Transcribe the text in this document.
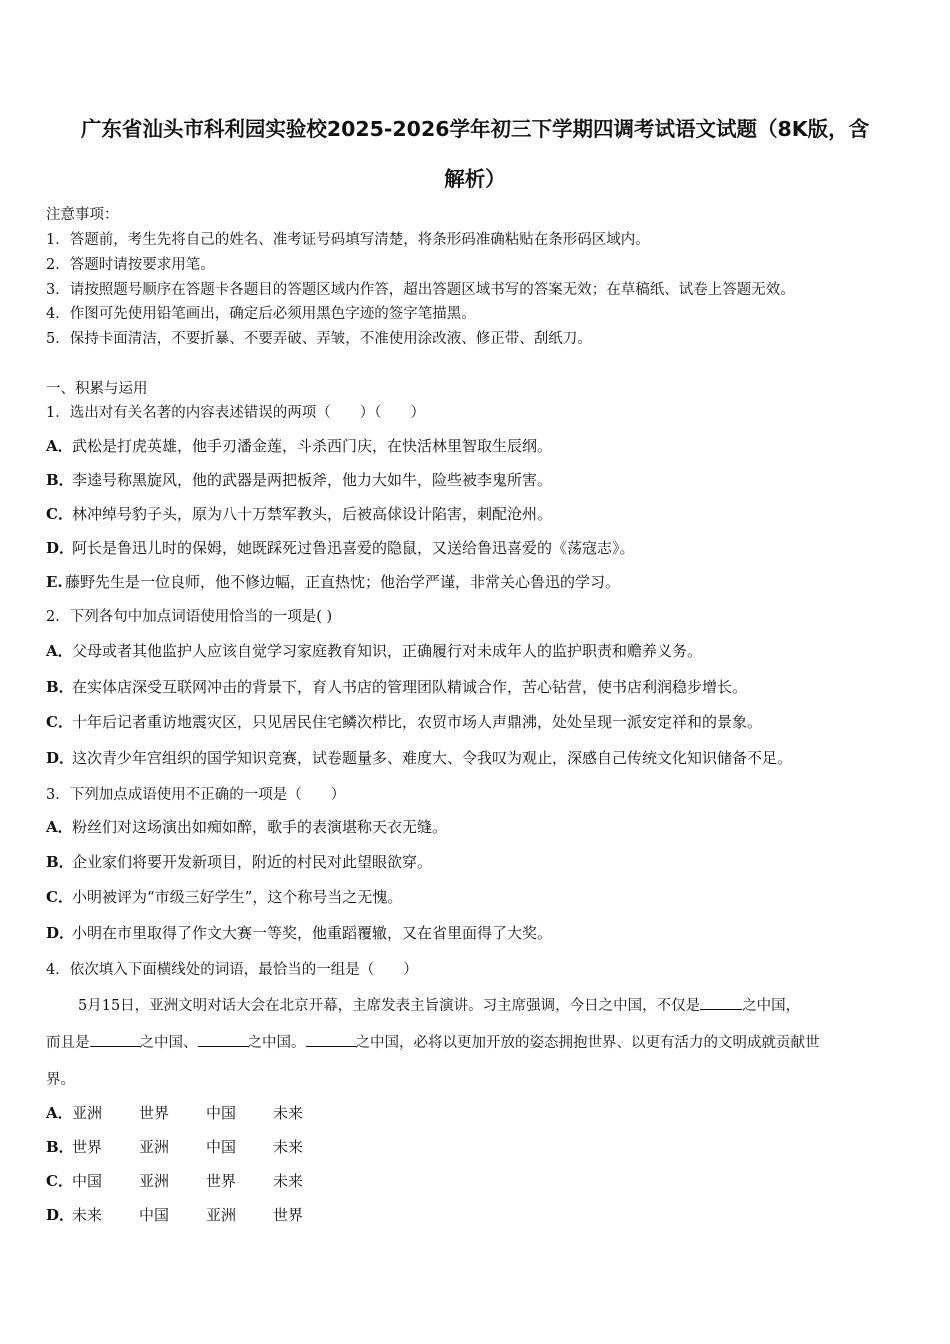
广东省汕头市科利园实验校2025-2026学年初三下学期四调考试语文试题（8K版，含
解析）
注意事项：
1．答题前，考生先将自己的姓名、准考证号码填写清楚，将条形码准确粘贴在条形码区域内。
2．答题时请按要求用笔。
3．请按照题号顺序在答题卡各题目的答题区域内作答，超出答题区域书写的答案无效；在草稿纸、试卷上答题无效。
4．作图可先使用铅笔画出，确定后必须用黑色字迹的签字笔描黑。
5．保持卡面清洁，不要折暴、不要弄破、弄皱，不准使用涂改液、修正带、刮纸刀。
一、积累与运用
1．选出对有关名著的内容表述错误的两项（　　）（　　）
A．武松是打虎英雄，他手刃潘金莲，斗杀西门庆，在快活林里智取生辰纲。
B．李逵号称黑旋风，他的武器是两把板斧，他力大如牛，险些被李鬼所害。
C．林冲绰号豹子头，原为八十万禁军教头，后被高俅设计陷害，刺配沧州。
D．阿长是鲁迅儿时的保姆，她既踩死过鲁迅喜爱的隐鼠，又送给鲁迅喜爱的《荡寇志》。
E. 藤野先生是一位良师，他不修边幅，正直热忱；他治学严谨，非常关心鲁迅的学习。
2．下列各句中加点词语使用恰当的一项是( )
A．父母或者其他监护人应该自觉学习家庭教育知识，正确履行对未成年人的监护职责和赡养义务。
B．在实体店深受互联网冲击的背景下，育人书店的管理团队精诚合作，苦心钻营，使书店利润稳步增长。
C．十年后记者重访地震灾区，只见居民住宅鳞次栉比，农贸市场人声鼎沸，处处呈现一派安定祥和的景象。
D．这次青少年宫组织的国学知识竞赛，试卷题量多、难度大、令我叹为观止，深感自己传统文化知识储备不足。
3．下列加点成语使用不正确的一项是（　　）
A．粉丝们对这场演出如痴如醉，歌手的表演堪称天衣无缝。
B．企业家们将要开发新项目，附近的村民对此望眼欲穿。
C．小明被评为“市级三好学生”，这个称号当之无愧。
D．小明在市里取得了作文大赛一等奖，他重蹈覆辙，又在省里面得了大奖。
4．依次填入下面横线处的词语，最恰当的一组是（　　）
5月15日，亚洲文明对话大会在北京开幕，主席发表主旨演讲。习主席强调，今日之中国，不仅是	之中国，
而且是	之中国、	之中国。	之中国，必将以更加开放的姿态拥抱世界、以更有活力的文明成就贡献世
界。
A．亚洲 世界 中国 未来
B．世界 亚洲 中国 未来
C．中国 亚洲 世界 未来
D．未来 中国 亚洲 世界
